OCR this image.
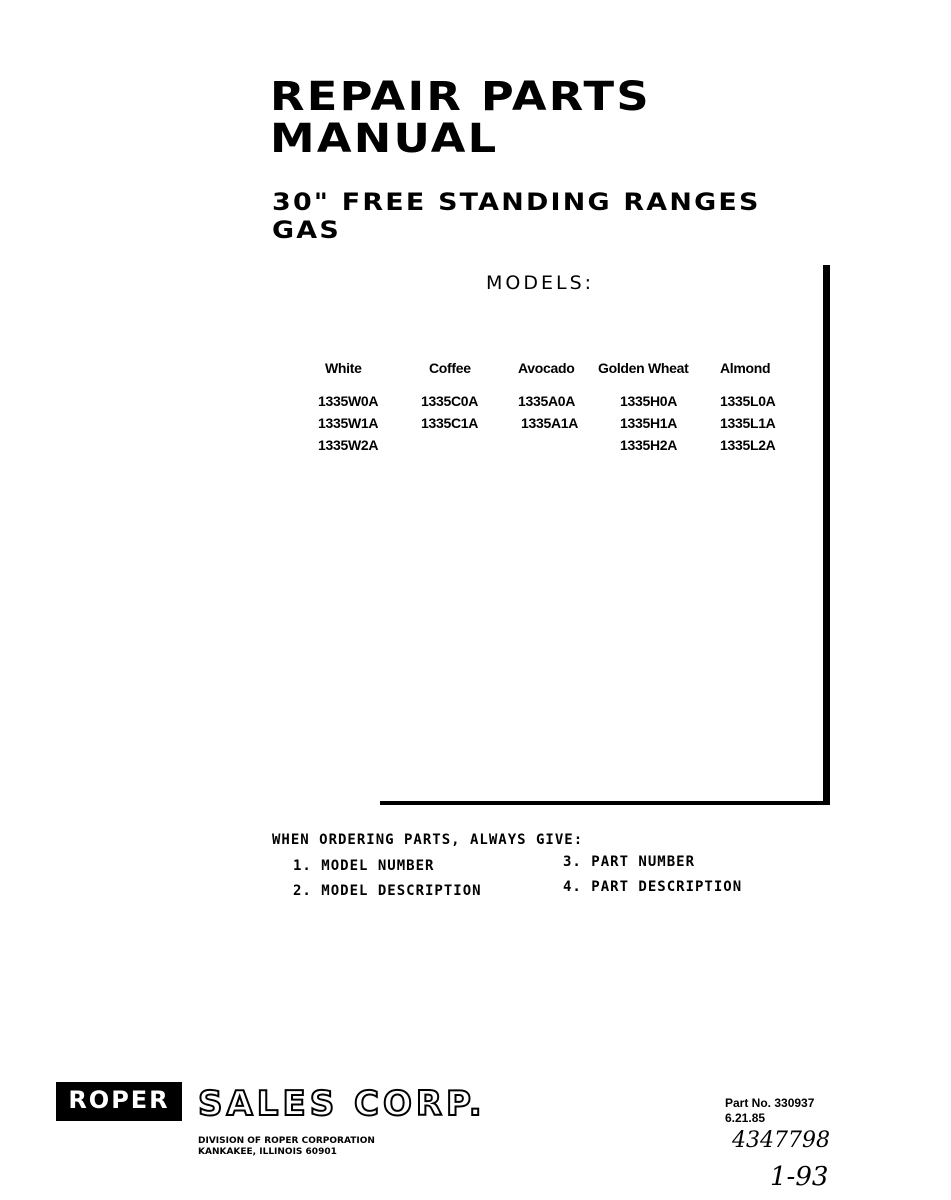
REPAIR PARTS
MANUAL
30" FREE STANDING RANGES
GAS
MODELS:
White
1335W0A
1335W1A
1335W2A
Coffee
1335C0A
1335C1A
Avocado
1335A0A
1335A1A
Golden Wheat
1335H0A
1335H1A
1335H2A
Almond
1335L0A
1335L1A
1335L2A
WHEN ORDERING PARTS, ALWAYS GIVE:
1. MODEL NUMBER
2. MODEL DESCRIPTION
3. PART NUMBER
4. PART DESCRIPTION
ROPER SALES CORP.
DIVISION OF ROPER CORPORATION
KANKAKEE, ILLINOIS 60901
Part No. 330937
6.21.85
4347798
1-93
